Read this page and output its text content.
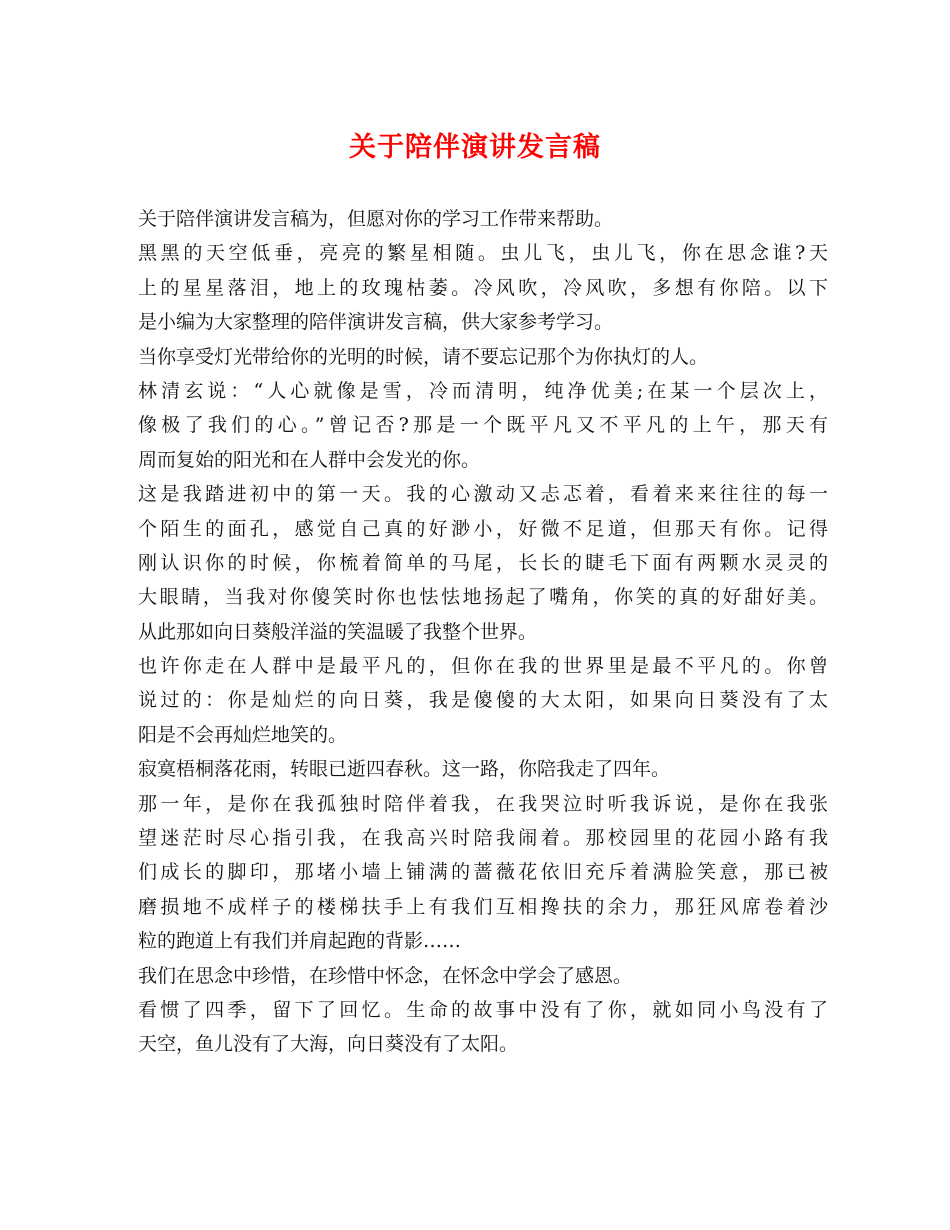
关于陪伴演讲发言稿
关于陪伴演讲发言稿为，但愿对你的学习工作带来帮助。
黑黑的天空低垂，亮亮的繁星相随。虫儿飞，虫儿飞，你在思念谁?天
上的星星落泪，地上的玫瑰枯萎。冷风吹，冷风吹，多想有你陪。以下
是小编为大家整理的陪伴演讲发言稿，供大家参考学习。
当你享受灯光带给你的光明的时候，请不要忘记那个为你执灯的人。
林清玄说：“人心就像是雪，冷而清明，纯净优美;在某一个层次上，
像极了我们的心。”曾记否?那是一个既平凡又不平凡的上午，那天有
周而复始的阳光和在人群中会发光的你。
这是我踏进初中的第一天。我的心激动又忐忑着，看着来来往往的每一
个陌生的面孔，感觉自己真的好渺小，好微不足道，但那天有你。记得
刚认识你的时候，你梳着简单的马尾，长长的睫毛下面有两颗水灵灵的
大眼睛，当我对你傻笑时你也怯怯地扬起了嘴角，你笑的真的好甜好美。
从此那如向日葵般洋溢的笑温暖了我整个世界。
也许你走在人群中是最平凡的，但你在我的世界里是最不平凡的。你曾
说过的：你是灿烂的向日葵，我是傻傻的大太阳，如果向日葵没有了太
阳是不会再灿烂地笑的。
寂寞梧桐落花雨，转眼已逝四春秋。这一路，你陪我走了四年。
那一年，是你在我孤独时陪伴着我，在我哭泣时听我诉说，是你在我张
望迷茫时尽心指引我，在我高兴时陪我闹着。那校园里的花园小路有我
们成长的脚印，那堵小墙上铺满的蔷薇花依旧充斥着满脸笑意，那已被
磨损地不成样子的楼梯扶手上有我们互相搀扶的余力，那狂风席卷着沙
粒的跑道上有我们并肩起跑的背影……
我们在思念中珍惜，在珍惜中怀念，在怀念中学会了感恩。
看惯了四季，留下了回忆。生命的故事中没有了你，就如同小鸟没有了
天空，鱼儿没有了大海，向日葵没有了太阳。
